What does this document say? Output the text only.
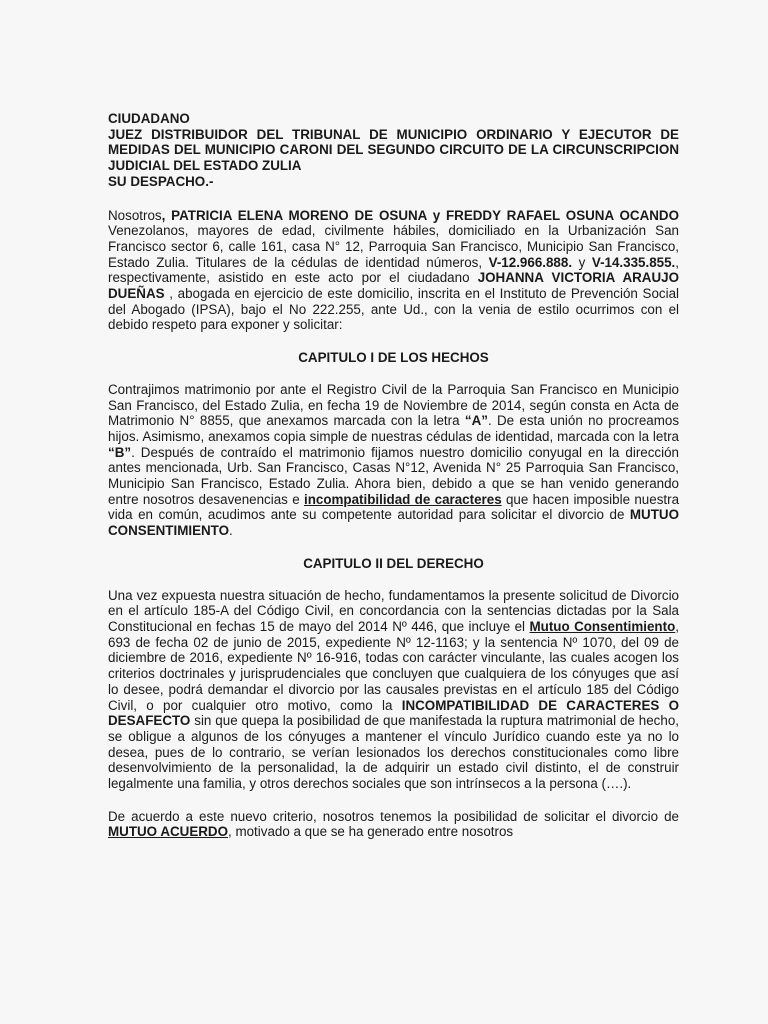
CIUDADANO
JUEZ DISTRIBUIDOR DEL TRIBUNAL DE MUNICIPIO ORDINARIO Y EJECUTOR DE MEDIDAS DEL MUNICIPIO CARONI DEL SEGUNDO CIRCUITO DE LA CIRCUNSCRIPCION JUDICIAL DEL ESTADO ZULIA
SU DESPACHO.-

Nosotros, PATRICIA ELENA MORENO DE OSUNA y FREDDY RAFAEL OSUNA OCANDO Venezolanos, mayores de edad, civilmente hábiles, domiciliado en la Urbanización San Francisco sector 6, calle 161, casa N° 12, Parroquia San Francisco, Municipio San Francisco, Estado Zulia. Titulares de la cédulas de identidad números, V-12.966.888. y V-14.335.855., respectivamente, asistido en este acto por el ciudadano JOHANNA VICTORIA ARAUJO DUEÑAS , abogada en ejercicio de este domicilio, inscrita en el Instituto de Prevención Social del Abogado (IPSA), bajo el No 222.255, ante Ud., con la venia de estilo ocurrimos con el debido respeto para exponer y solicitar:

CAPITULO I DE LOS HECHOS

Contrajimos matrimonio por ante el Registro Civil de la Parroquia San Francisco en Municipio San Francisco, del Estado Zulia, en fecha 19 de Noviembre de 2014, según consta en Acta de Matrimonio N° 8855, que anexamos marcada con la letra “A”. De esta unión no procreamos hijos. Asimismo, anexamos copia simple de nuestras cédulas de identidad, marcada con la letra “B”. Después de contraído el matrimonio fijamos nuestro domicilio conyugal en la dirección antes mencionada, Urb. San Francisco, Casas N°12, Avenida N° 25 Parroquia San Francisco, Municipio San Francisco, Estado Zulia. Ahora bien, debido a que se han venido generando entre nosotros desavenencias e incompatibilidad de caracteres que hacen imposible nuestra vida en común, acudimos ante su competente autoridad para solicitar el divorcio de MUTUO CONSENTIMIENTO.

CAPITULO II DEL DERECHO

Una vez expuesta nuestra situación de hecho, fundamentamos la presente solicitud de Divorcio en el artículo 185-A del Código Civil, en concordancia con la sentencias dictadas por la Sala Constitucional en fechas 15 de mayo del 2014 Nº 446, que incluye el Mutuo Consentimiento, 693 de fecha 02 de junio de 2015, expediente Nº 12-1163; y la sentencia Nº 1070, del 09 de diciembre de 2016, expediente Nº 16-916, todas con carácter vinculante, las cuales acogen los criterios doctrinales y jurisprudenciales que concluyen que cualquiera de los cónyuges que así lo desee, podrá demandar el divorcio por las causales previstas en el artículo 185 del Código Civil, o por cualquier otro motivo, como la INCOMPATIBILIDAD DE CARACTERES O DESAFECTO sin que quepa la posibilidad de que manifestada la ruptura matrimonial de hecho, se obligue a algunos de los cónyuges a mantener el vínculo Jurídico cuando este ya no lo desea, pues de lo contrario, se verían lesionados los derechos constitucionales como libre desenvolvimiento de la personalidad, la de adquirir un estado civil distinto, el de construir legalmente una familia, y otros derechos sociales que son intrínsecos a la persona (….).

De acuerdo a este nuevo criterio, nosotros tenemos la posibilidad de solicitar el divorcio de MUTUO ACUERDO, motivado a que se ha generado entre nosotros
